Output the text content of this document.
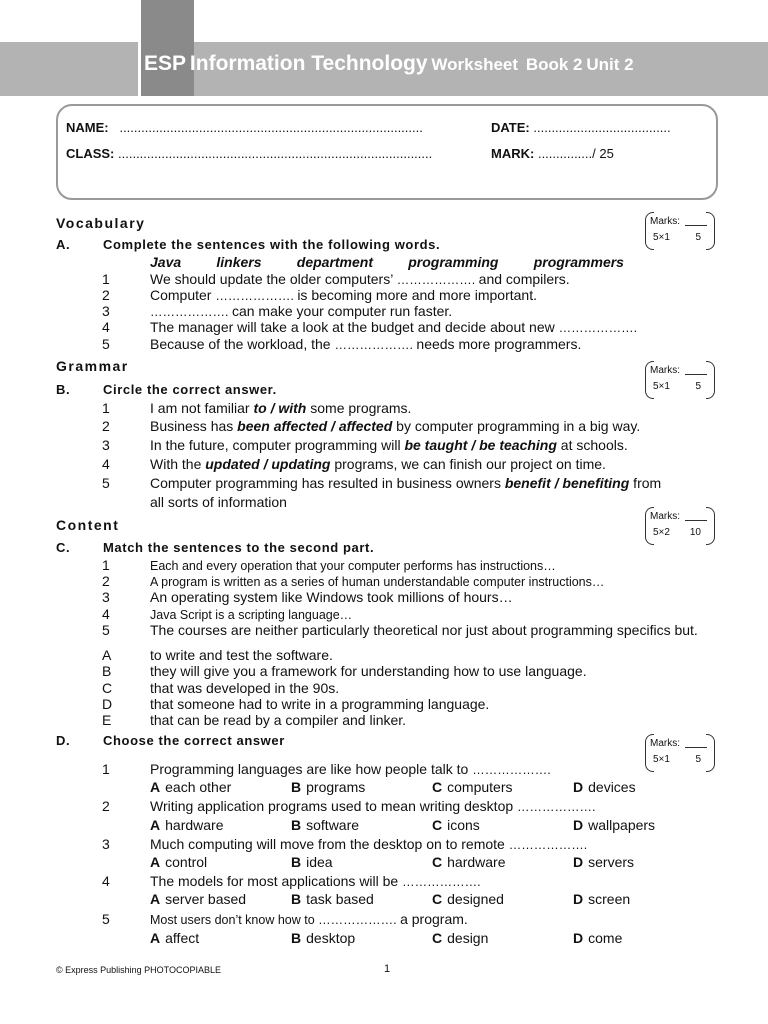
ESP Information Technology Worksheet Book 2 Unit 2
NAME: ....................................................................................	DATE: ......................................
CLASS: .......................................................................................	MARK: .............../ 25
Vocabulary	Marks:
5×1	5
A.	Complete the sentences with the following words.
Java	linkers	department	programming	programmers
1	We should update the older computers’ ………………. and compilers.
2	Computer ………………. is becoming more and more important.
3	………………. can make your computer run faster.
4	The manager will take a look at the budget and decide about new ……………….
5	Because of the workload, the ………………. needs more programmers.
Grammar	Marks:
5×1	5
B.	Circle the correct answer.
1	I am not familiar to / with some programs.
2	Business has been affected / affected by computer programming in a big way.
3	In the future, computer programming will be taught / be teaching at schools.
4	With the updated / updating programs, we can finish our project on time.
5	Computer programming has resulted in business owners benefit / benefiting from
all sorts of information
Content
Marks:
5×2 10
C.	Match the sentences to the second part.
1	Each and every operation that your computer performs has instructions…
2	A program is written as a series of human understandable computer instructions…
3	An operating system like Windows took millions of hours…
4	Java Script is a scripting language…
5	The courses are neither particularly theoretical nor just about programming specifics but.
A	to write and test the software.
B	they will give you a framework for understanding how to use language.
C	that was developed in the 90s.
D	that someone had to write in a programming language.
E	that can be read by a compiler and linker.
D.	Choose the correct answer	Marks:
5×1	5
1	Programming languages are like how people talk to ……………….
A each other	B programs	C computers	D devices
2	Writing application programs used to mean writing desktop ……………….
A hardware	B software	C icons	D wallpapers
3	Much computing will move from the desktop on to remote ……………….
A control	B idea	C hardware	D servers
4	The models for most applications will be ……………….
A server based	B task based	C designed	D screen
5	Most users don’t know how to ………………. a program.
A affect	B desktop	C design	D come
© Express Publishing PHOTOCOPIABLE	1
